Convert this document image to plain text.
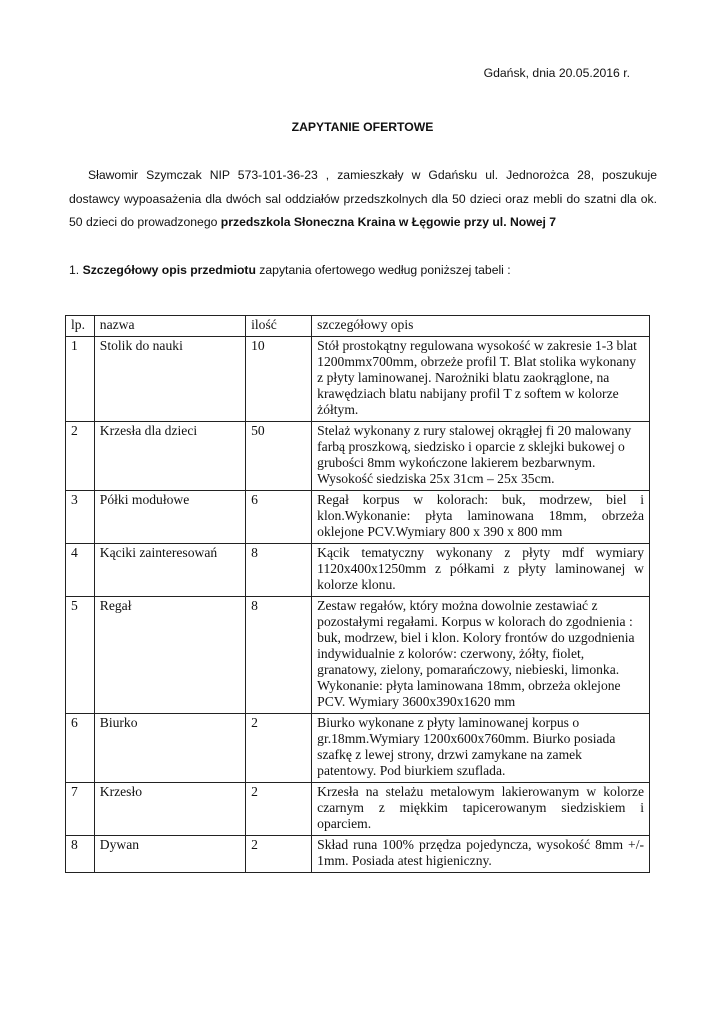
Gdańsk, dnia 20.05.2016 r.
ZAPYTANIE OFERTOWE

Sławomir Szymczak NIP 573-101-36-23 , zamieszkały w Gdańsku ul. Jednorożca 28, poszukuje dostawcy wypoasażenia dla dwóch sal oddziałów przedszkolnych dla 50 dzieci oraz mebli do szatni dla ok. 50 dzieci do prowadzonego przedszkola Słoneczna Kraina w Łęgowie przy ul. Nowej 7

1. Szczegółowy opis przedmiotu zapytania ofertowego według poniższej tabeli :
lp.	nazwa	ilość	szczegółowy opis
1	Stolik do nauki	10	Stół prostokątny regulowana wysokość w zakresie 1-3 blat 1200mmx700mm, obrzeże profil T. Blat stolika wykonany z płyty laminowanej. Narożniki blatu zaokrąglone, na krawędziach blatu nabijany profil T z softem w kolorze żółtym.
2	Krzesła dla dzieci	50	Stelaż wykonany z rury stalowej okrągłej fi 20 malowany farbą proszkową, siedzisko i oparcie z sklejki bukowej o grubości 8mm wykończone lakierem bezbarwnym. Wysokość siedziska 25x 31cm – 25x 35cm.
3	Półki modułowe	6	Regał korpus w kolorach: buk, modrzew, biel i klon.Wykonanie: płyta laminowana 18mm, obrzeża oklejone PCV.Wymiary 800 x 390 x 800 mm
4	Kąciki zainteresowań	8	Kącik tematyczny wykonany z płyty mdf wymiary 1120x400x1250mm z półkami z płyty laminowanej w kolorze klonu.
5	Regał	8	Zestaw regałów, który można dowolnie zestawiać z pozostałymi regałami. Korpus w kolorach do zgodnienia : buk, modrzew, biel i klon. Kolory frontów do uzgodnienia indywidualnie z kolorów: czerwony, żółty, fiolet, granatowy, zielony, pomarańczowy, niebieski, limonka.
Wykonanie: płyta laminowana 18mm, obrzeża oklejone PCV. Wymiary 3600x390x1620 mm

6	Biurko	2	Biurko wykonane z płyty laminowanej korpus o gr.18mm.Wymiary 1200x600x760mm. Biurko posiada szafkę z lewej strony, drzwi zamykane na zamek patentowy. Pod biurkiem szuflada.
7	Krzesło	2	Krzesła na stelażu metalowym lakierowanym w kolorze czarnym z miękkim tapicerowanym siedziskiem i oparciem.
8	Dywan	2	Skład runa 100% przędza pojedyncza, wysokość 8mm +/- 1mm. Posiada atest higieniczny.
